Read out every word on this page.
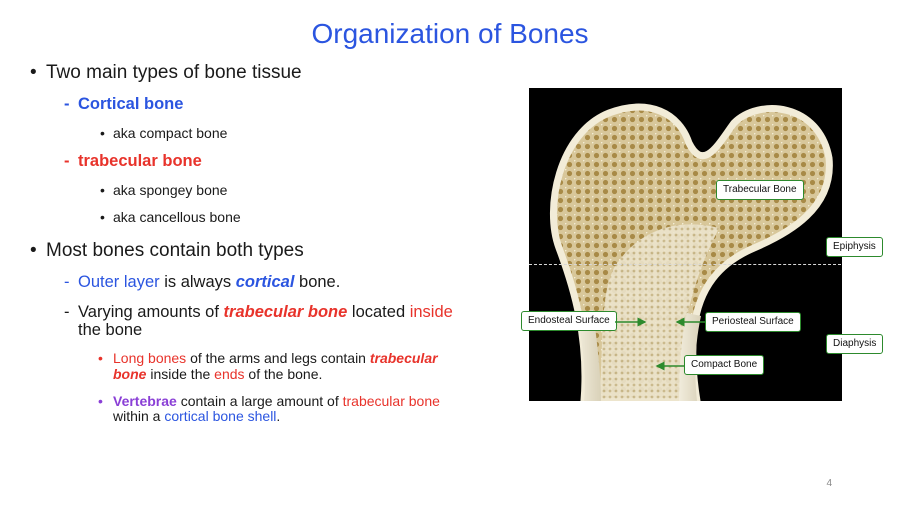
Organization of Bones
• Two main types of bone tissue
- Cortical bone
• aka compact bone
- trabecular bone
• aka spongey bone
• aka cancellous bone
• Most bones contain both types
- Outer layer is always cortical bone.
- Varying amounts of trabecular bone located inside
the bone
• Long bones of the arms and legs contain trabecular
bone inside the ends of the bone.
• Vertebrae contain a large amount of trabecular bone
within a cortical bone shell.
Trabecular Bone
Epiphysis
Endosteal Surface	Periosteal Surface
Diaphysis
Compact Bone
4
